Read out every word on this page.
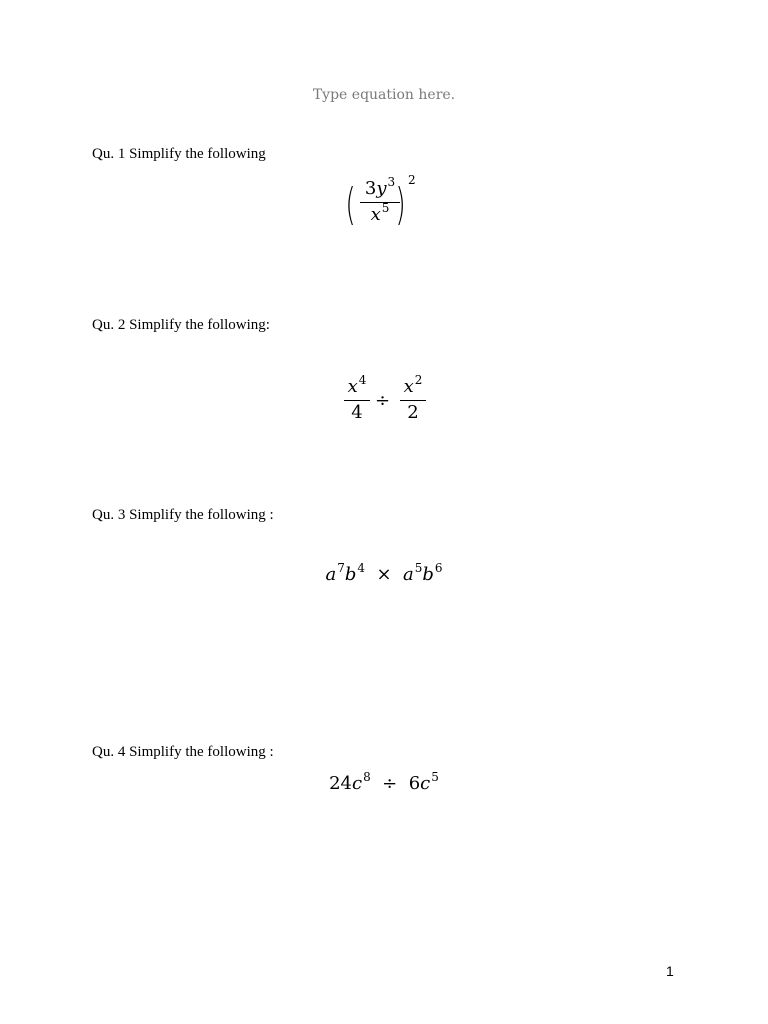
Type equation here.
Qu. 1 Simplify the following
( $3y^3$
$x^5$ ) 2
Qu. 2 Simplify the following:
$x^4$
4
÷
$x^2$
2
Qu. 3 Simplify the following :
$a^7b^4 \times a^5b^6$
Qu. 4 Simplify the following :
$24c^8 \div 6c^5$
1
